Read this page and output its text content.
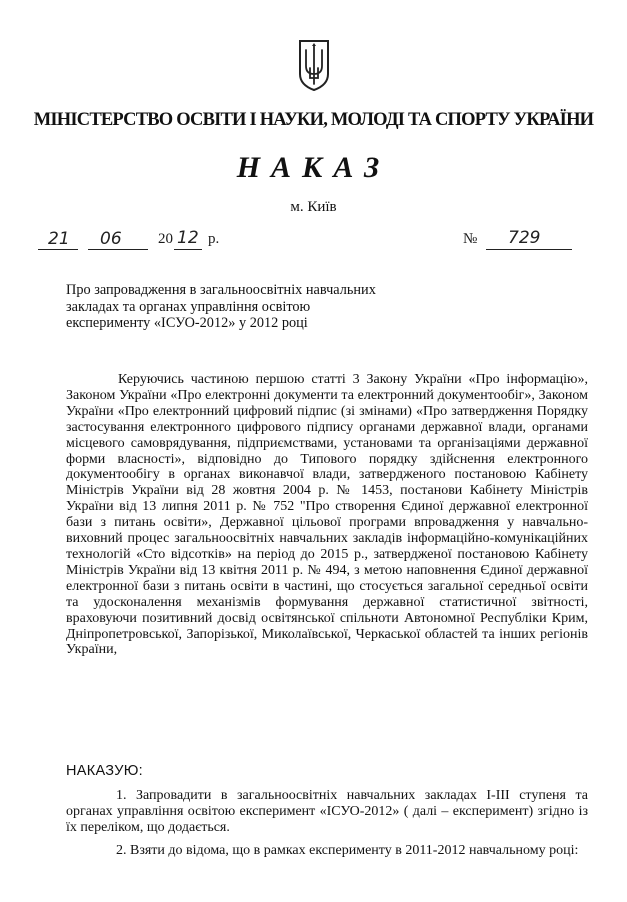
МІНІСТЕРСТВО ОСВІТИ І НАУКИ, МОЛОДІ ТА СПОРТУ УКРАЇНИ
НАКАЗ
м. Київ
21 06 20 12 р.	№ 729
Про запровадження в загальноосвітніх навчальних закладах та органах управління освітою експерименту «ІСУО-2012» у 2012 році
Керуючись частиною першою статті 3 Закону України «Про інформацію», Законом України «Про електронні документи та електронний документообіг», Законом України «Про електронний цифровий підпис (зі змінами) «Про затвердження Порядку застосування електронного цифрового підпису органами державної влади, органами місцевого самоврядування, підприємствами, установами та організаціями державної форми власності», відповідно до Типового порядку здійснення електронного документообігу в органах виконавчої влади, затвердженого постановою Кабінету Міністрів України від 28 жовтня 2004 р. № 1453, постанови Кабінету Міністрів України від 13 липня 2011 р. № 752 "Про створення Єдиної державної електронної бази з питань освіти», Державної цільової програми впровадження у навчально-виховний процес загальноосвітніх навчальних закладів інформаційно-комунікаційних технологій «Сто відсотків» на період до 2015 р., затвердженої постановою Кабінету Міністрів України від 13 квітня 2011 р. № 494, з метою наповнення Єдиної державної електронної бази з питань освіти в частині, що стосується загальної середньої освіти та удосконалення механізмів формування державної статистичної звітності, враховуючи позитивний досвід освітянської спільноти Автономної Республіки Крим, Дніпропетровської, Запорізької, Миколаївської, Черкаської областей та інших регіонів України,
НАКАЗУЮ:
1. Запровадити в загальноосвітніх навчальних закладах I-III ступеня та органах управління освітою експеримент «ІСУО-2012» ( далі – експеримент) згідно із їх переліком, що додається.
2. Взяти до відома, що в рамках експерименту в 2011-2012 навчальному році:
